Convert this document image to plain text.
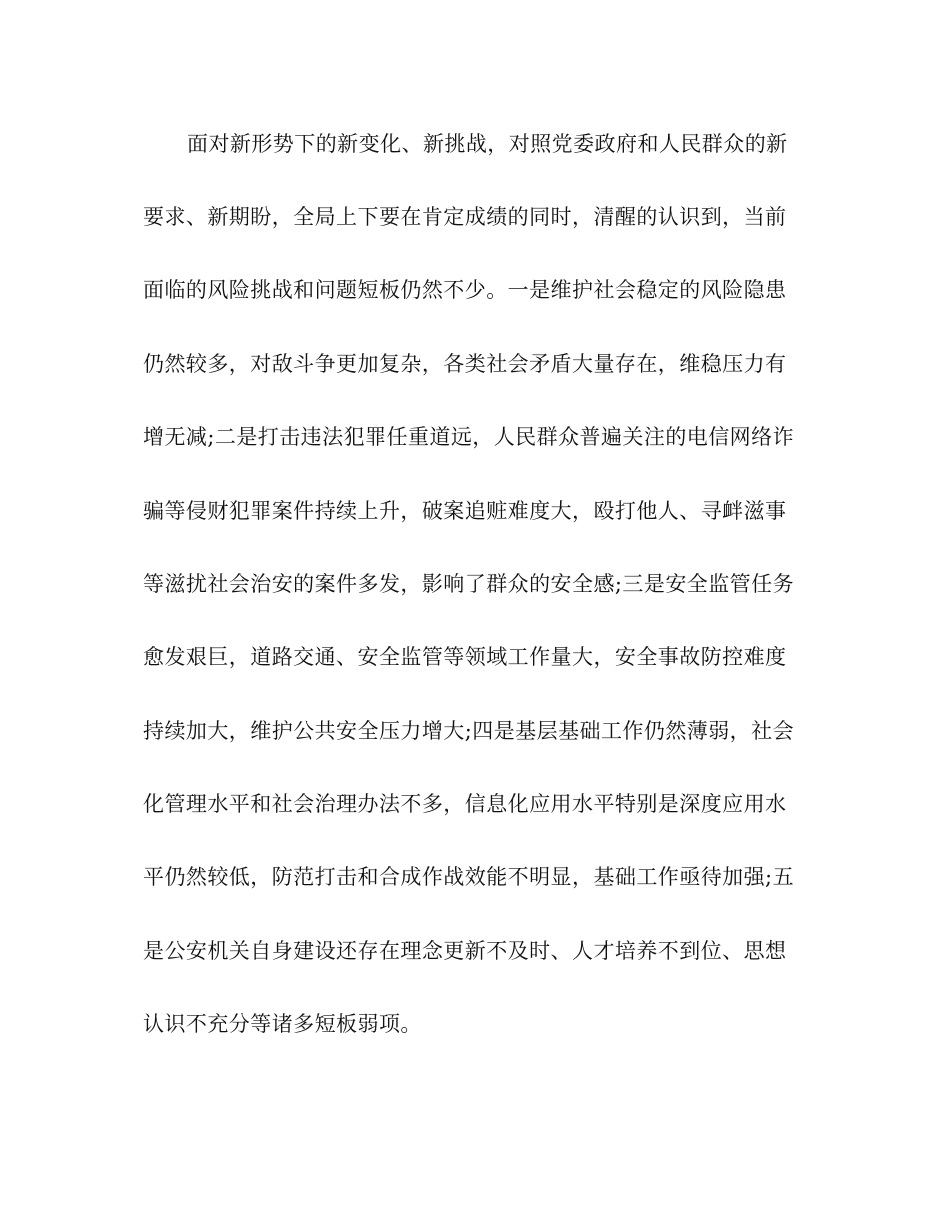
面对新形势下的新变化、新挑战，对照党委政府和人民群众的新
要求、新期盼，全局上下要在肯定成绩的同时，清醒的认识到，当前
面临的风险挑战和问题短板仍然不少。一是维护社会稳定的风险隐患
仍然较多，对敌斗争更加复杂，各类社会矛盾大量存在，维稳压力有
增无减;二是打击违法犯罪任重道远，人民群众普遍关注的电信网络诈
骗等侵财犯罪案件持续上升，破案追赃难度大，殴打他人、寻衅滋事
等滋扰社会治安的案件多发，影响了群众的安全感;三是安全监管任务
愈发艰巨，道路交通、安全监管等领域工作量大，安全事故防控难度
持续加大，维护公共安全压力增大;四是基层基础工作仍然薄弱，社会
化管理水平和社会治理办法不多，信息化应用水平特别是深度应用水
平仍然较低，防范打击和合成作战效能不明显，基础工作亟待加强;五
是公安机关自身建设还存在理念更新不及时、人才培养不到位、思想
认识不充分等诸多短板弱项。
